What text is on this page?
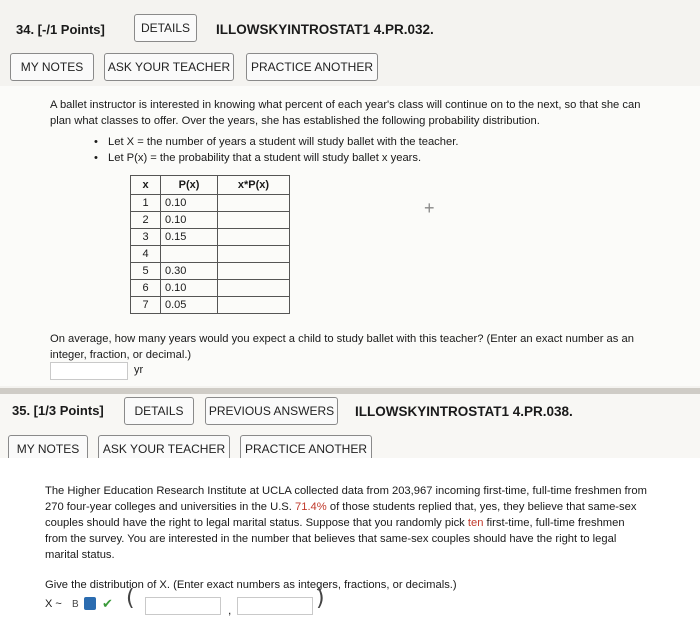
34. [-/1 Points]	DETAILS	ILLOWSKYINTROSTAT1 4.PR.032.
MY NOTES	ASK YOUR TEACHER	PRACTICE ANOTHER
A ballet instructor is interested in knowing what percent of each year's class will continue on to the next, so that she can
plan what classes to offer. Over the years, she has established the following probability distribution.
• Let X = the number of years a student will study ballet with the teacher.
• Let P(x) = the probability that a student will study ballet x years.
x	P(x)	x*P(x)
1	0.10	
2	0.10	
3	0.15	
4		
5	0.30	
6	0.10	
7	0.05	
+
On average, how many years would you expect a child to study ballet with this teacher? (Enter an exact number as an
integer, fraction, or decimal.)
yr
35. [1/3 Points]	DETAILS	PREVIOUS ANSWERS ILLOWSKYINTROSTAT1 4.PR.038.
MY NOTES	ASK YOUR TEACHER	PRACTICE ANOTHER
The Higher Education Research Institute at UCLA collected data from 203,967 incoming first-time, full-time freshmen from
270 four-year colleges and universities in the U.S. 71.4% of those students replied that, yes, they believe that same-sex
couples should have the right to legal marital status. Suppose that you randomly pick ten first-time, full-time freshmen
from the survey. You are interested in the number that believes that same-sex couples should have the right to legal
marital status.
Give the distribution of X. (Enter exact numbers as integers, fractions, or decimals.)
X ~ B ✔ (	,	)
